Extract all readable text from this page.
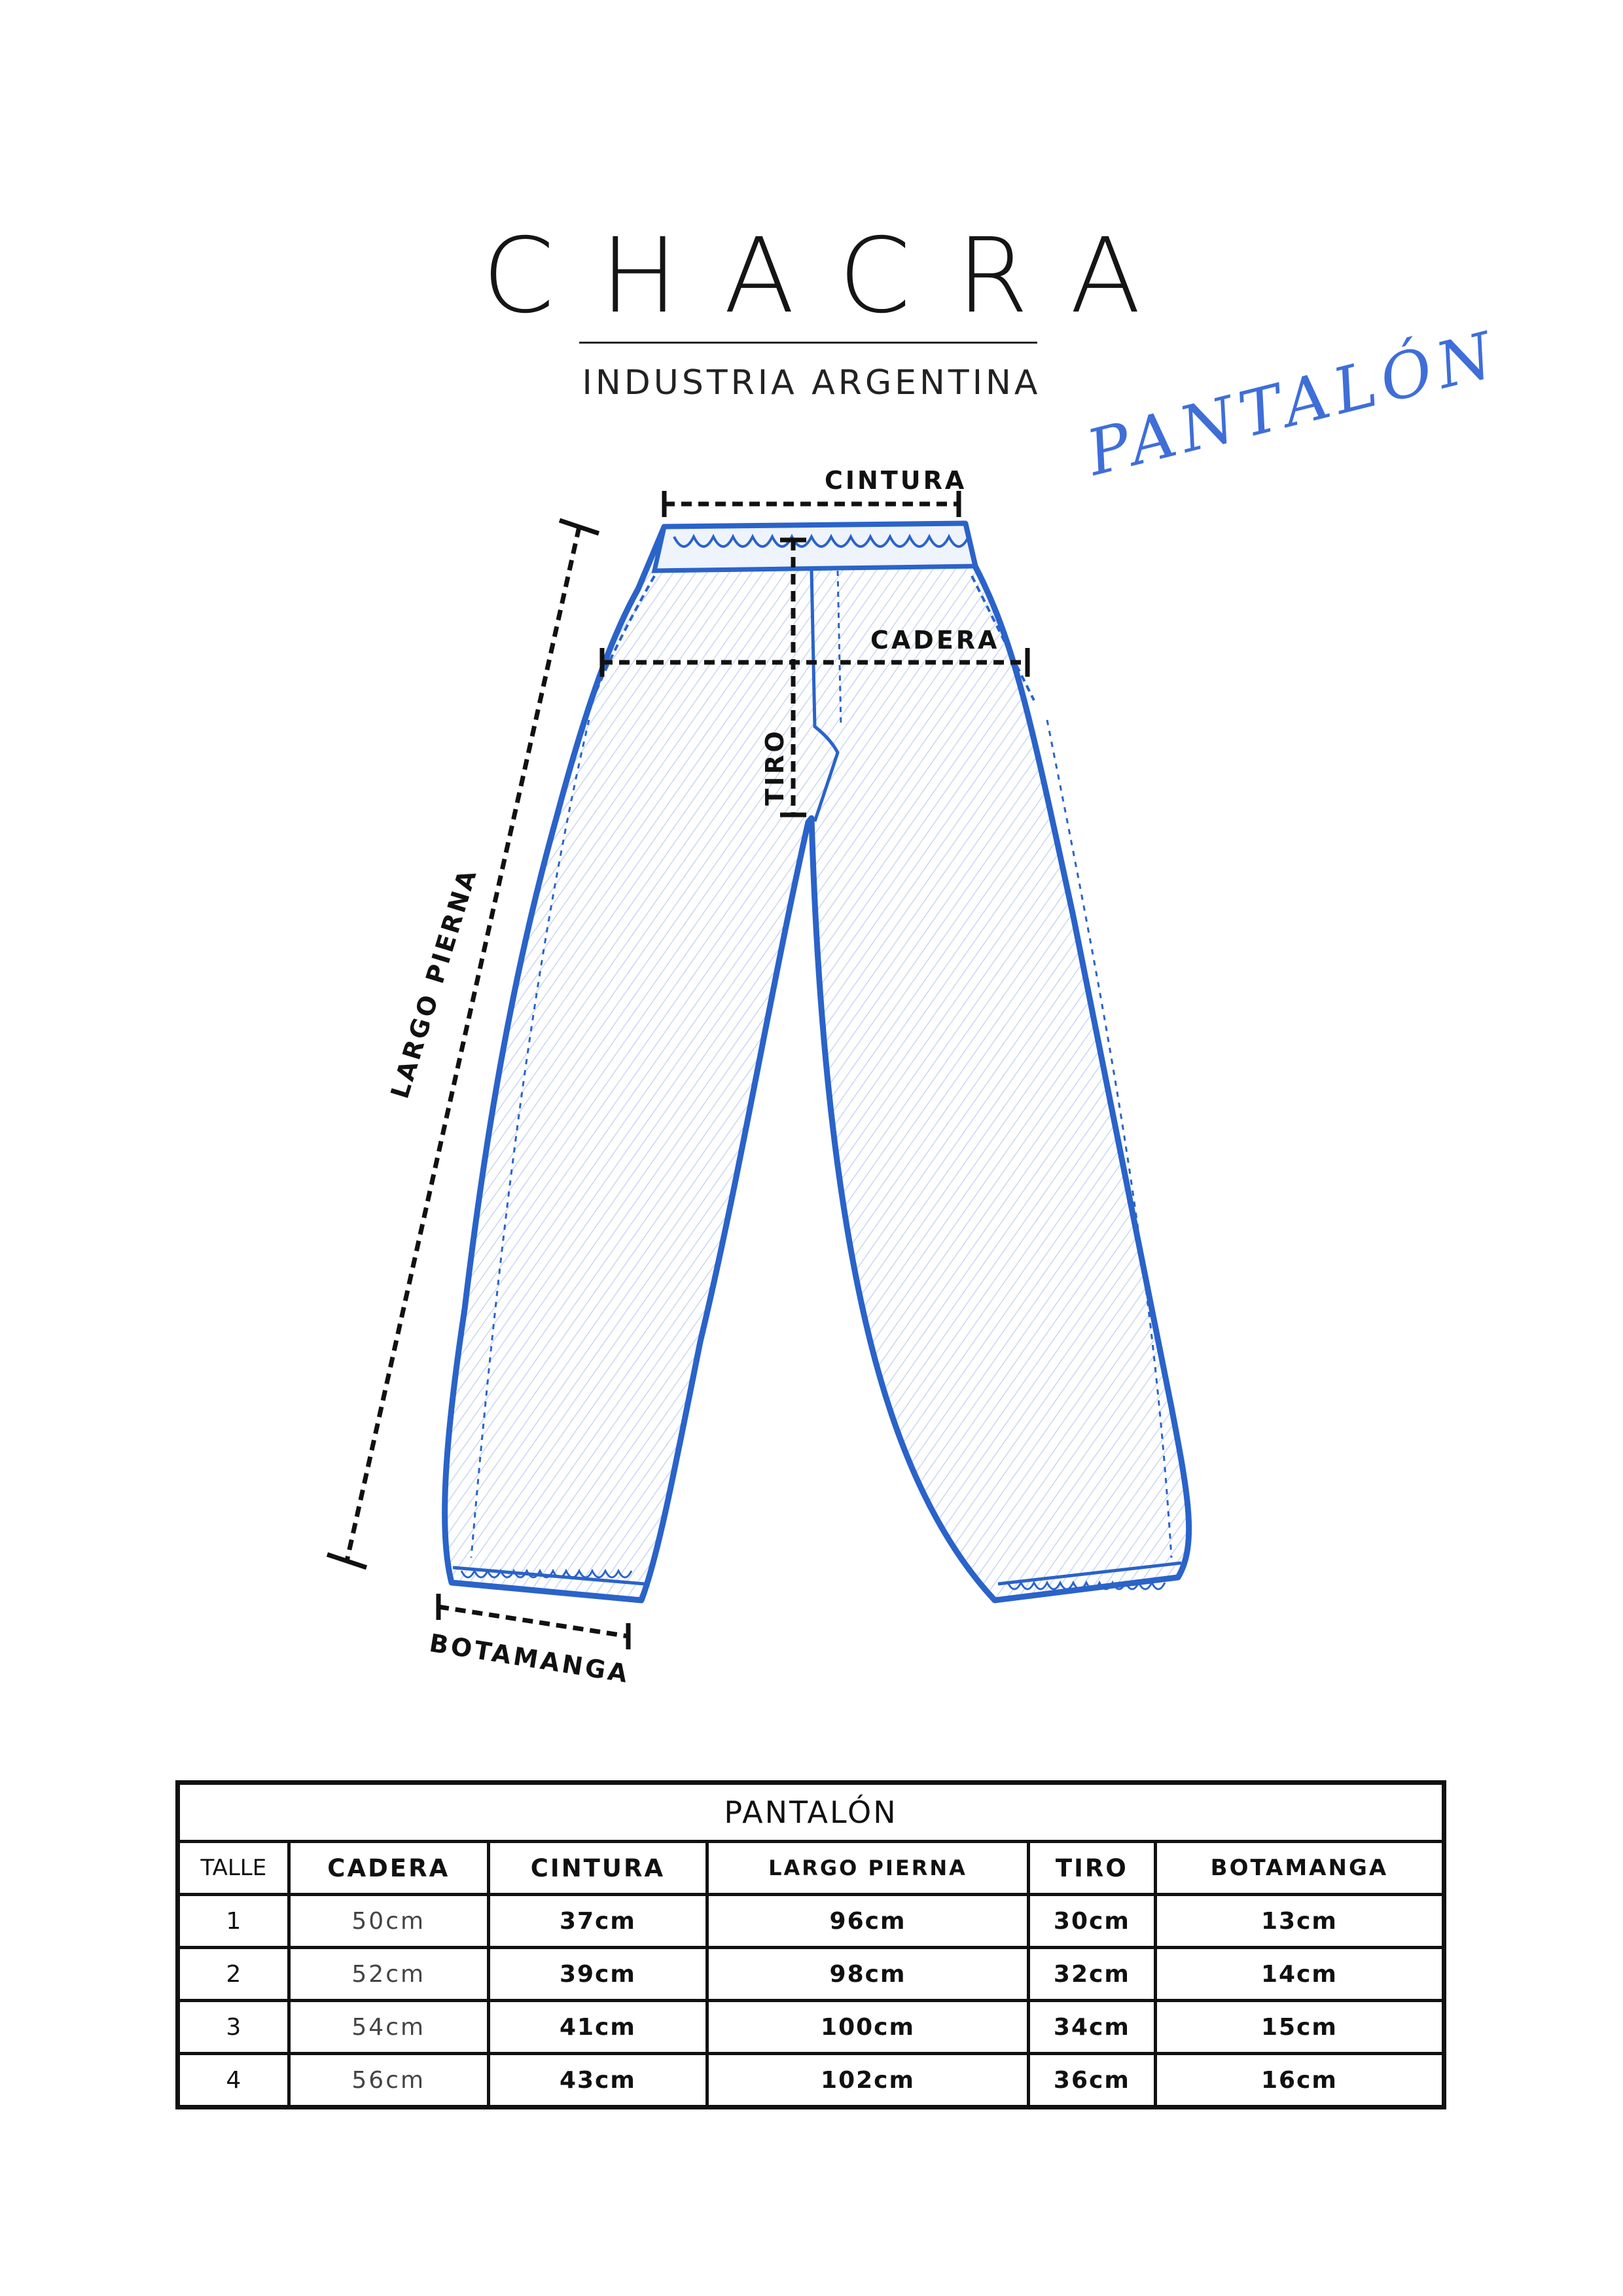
CHACRA
INDUSTRIA ARGENTINA PANTALÓN
CINTURA
CADERA
TIRO
LARGO PIERNA
BOTAMANGA
PANTALÓN					
TALLE	CADERA	CINTURA	LARGO PIERNA	TIRO	BOTAMANGA
1	50cm	37cm	96cm	30cm	13cm
2	52cm	39cm	98cm	32cm	14cm
3	54cm	41cm	100cm	34cm	15cm
4	56cm	43cm	102cm	36cm	16cm
